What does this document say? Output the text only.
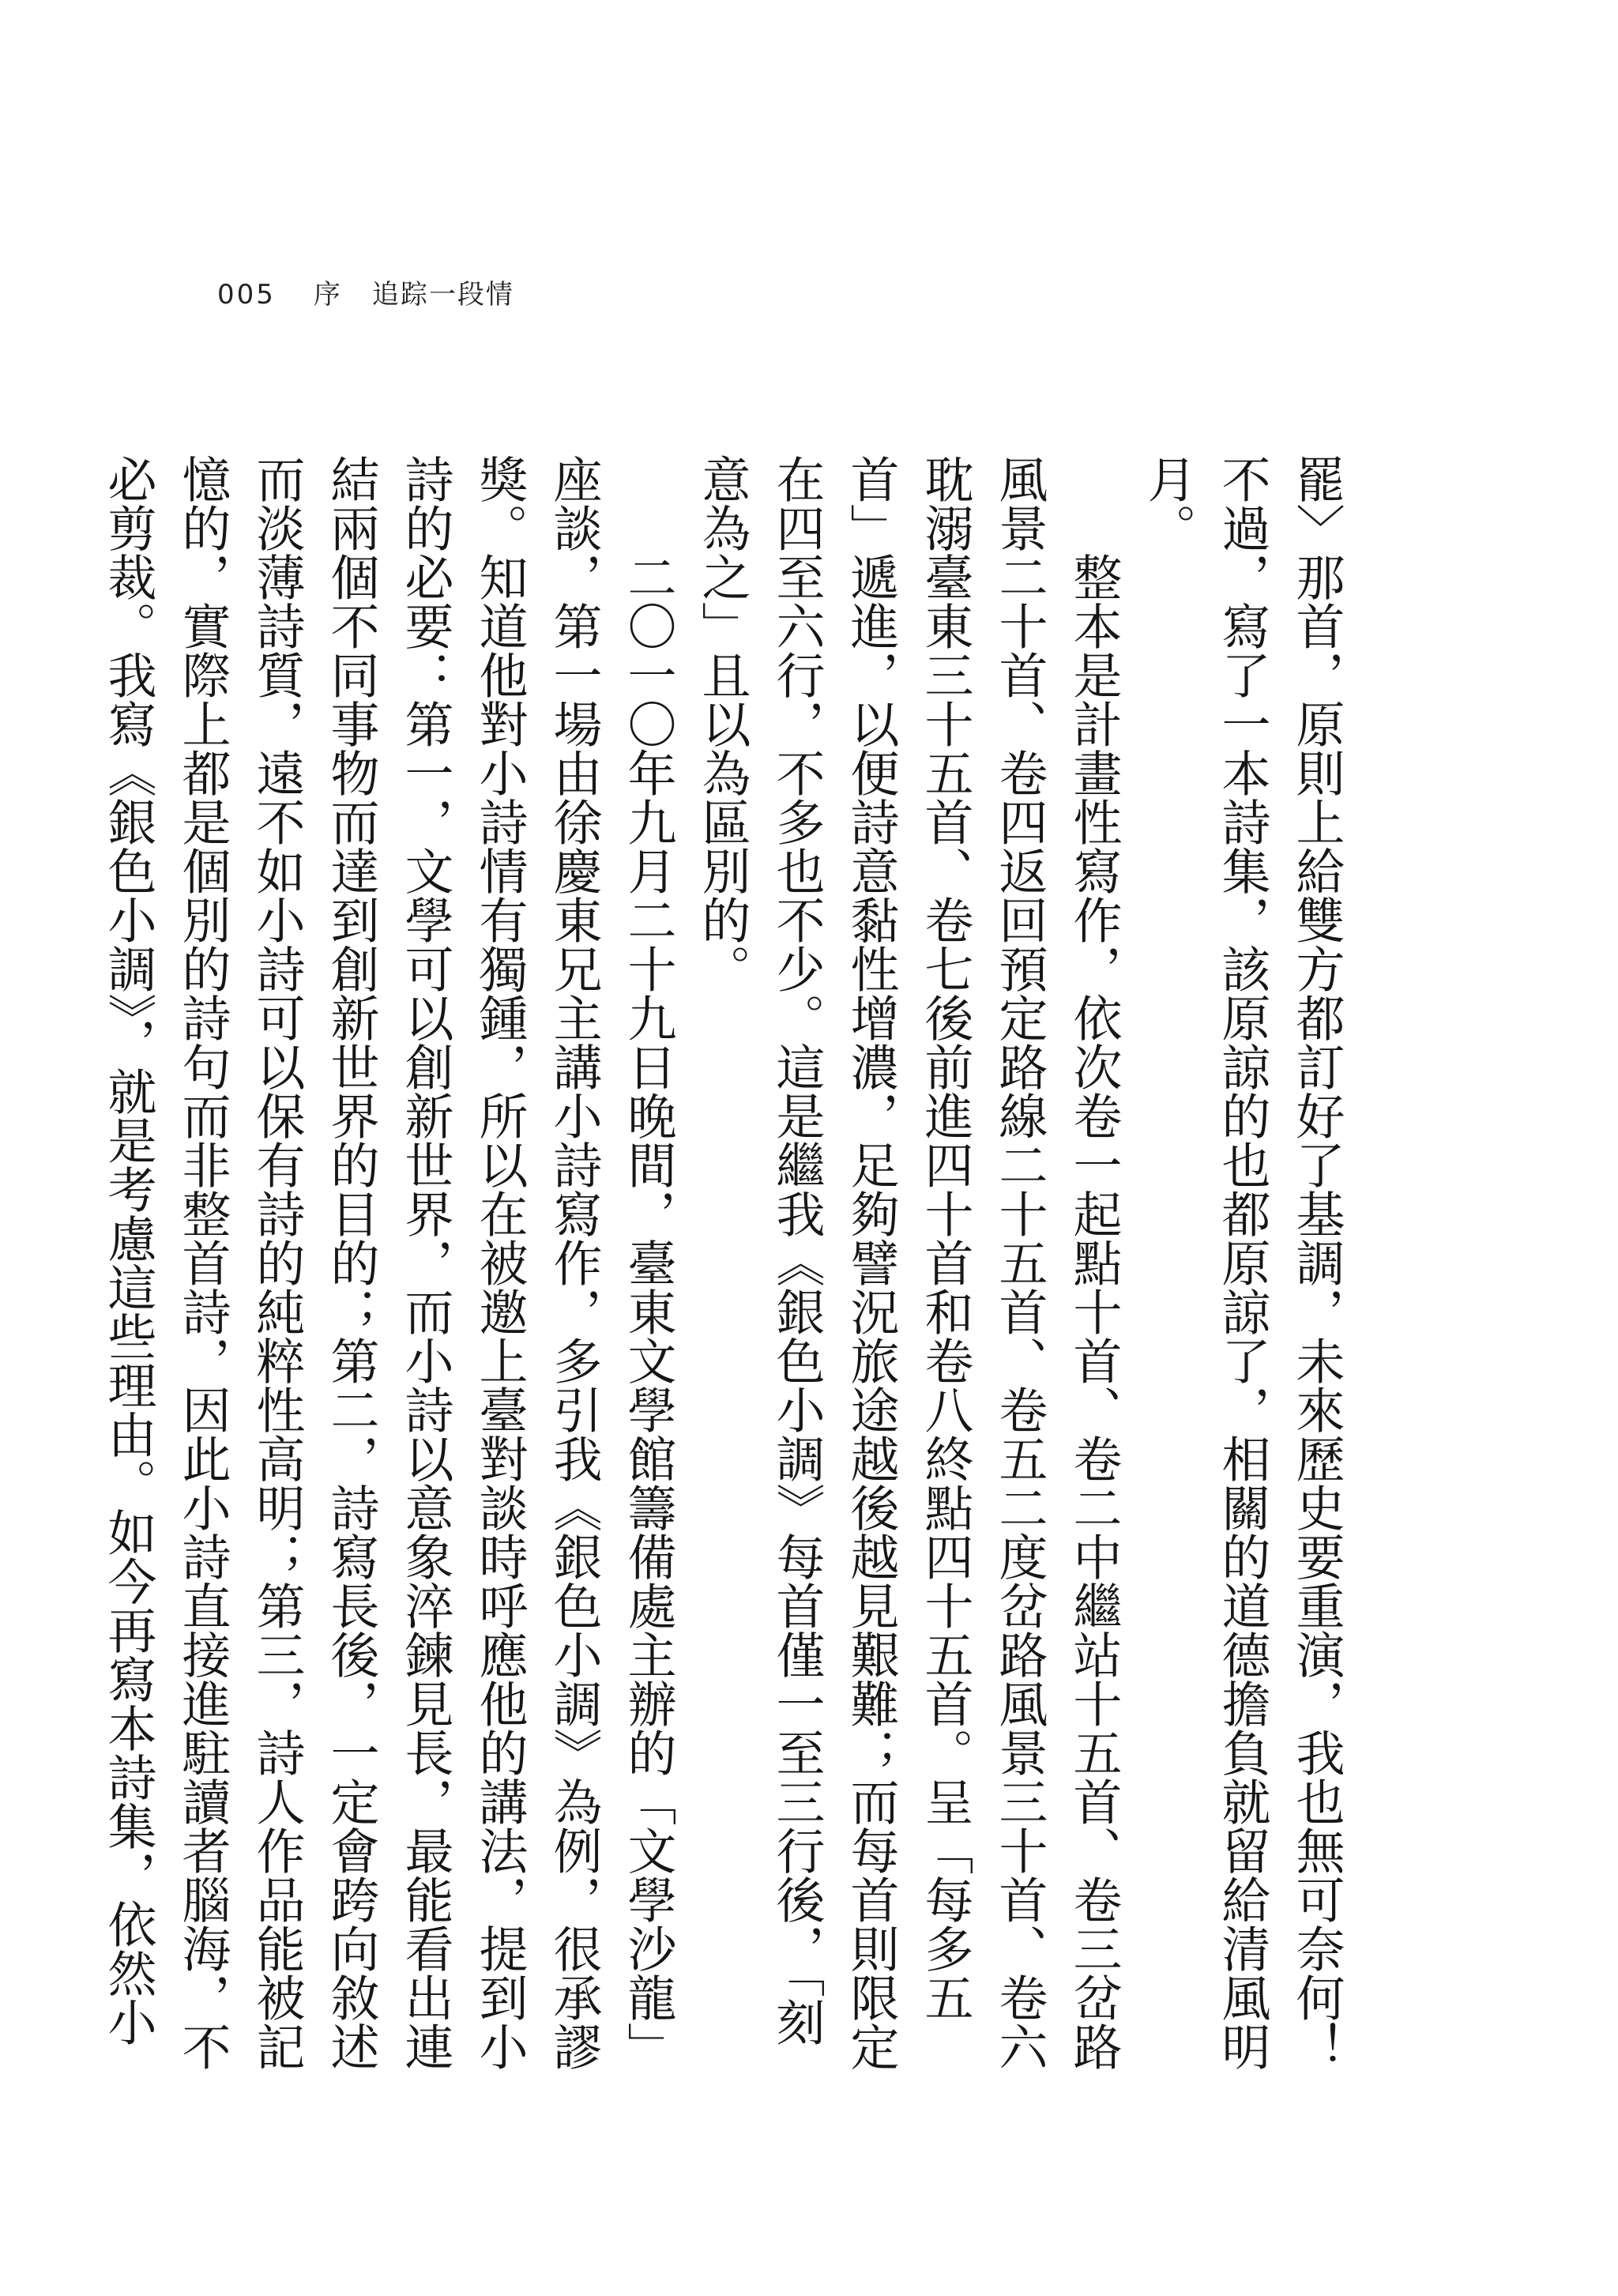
005 序 追踪一段情

罷〉那首，原則上給雙方都訂好了基調，未來歷史要重演，我也無可奈何！不過，寫了一本詩集，該原諒的也都原諒了，相關的道德擔負就留給清風明月。

　　整本是計畫性寫作，依次卷一起點十首、卷二中繼站十五首、卷三岔路風景二十首、卷四返回預定路線二十五首、卷五二度岔路風景三十首、卷六耽溺臺東三十五首、卷七後前進四十首和卷八終點四十五首。呈「每多五首」遞進，以便詩意黏性增濃，足夠譬況旅途越後越見艱難；而每首則限定在四至六行，不多也不少。這是繼我《銀色小調》每首僅一至三行後，「刻意為之」且以為區別的。

　　二〇一〇年九月二十九日晚間，臺東文學館籌備處主辦的「文學沙龍」座談，第一場由徐慶東兄主講小詩寫作，多引我《銀色小調》為例，很承謬獎。知道他對小詩情有獨鍾，所以在被邀上臺對談時呼應他的講法，提到小詩的必要：第一，文學可以創新世界，而小詩以意象淬鍊見長，最能看出連結兩個不同事物而達到創新世界的目的；第二，詩寫長後，一定會跨向敘述而淡薄詩質，遠不如小詩可以保有詩的純粹性高明；第三，詩人作品能被記憶的，實際上都是個別的詩句而非整首詩，因此小詩直接進駐讀者腦海，不必剪裁。我寫《銀色小調》，就是考慮這些理由。如今再寫本詩集，依然小
